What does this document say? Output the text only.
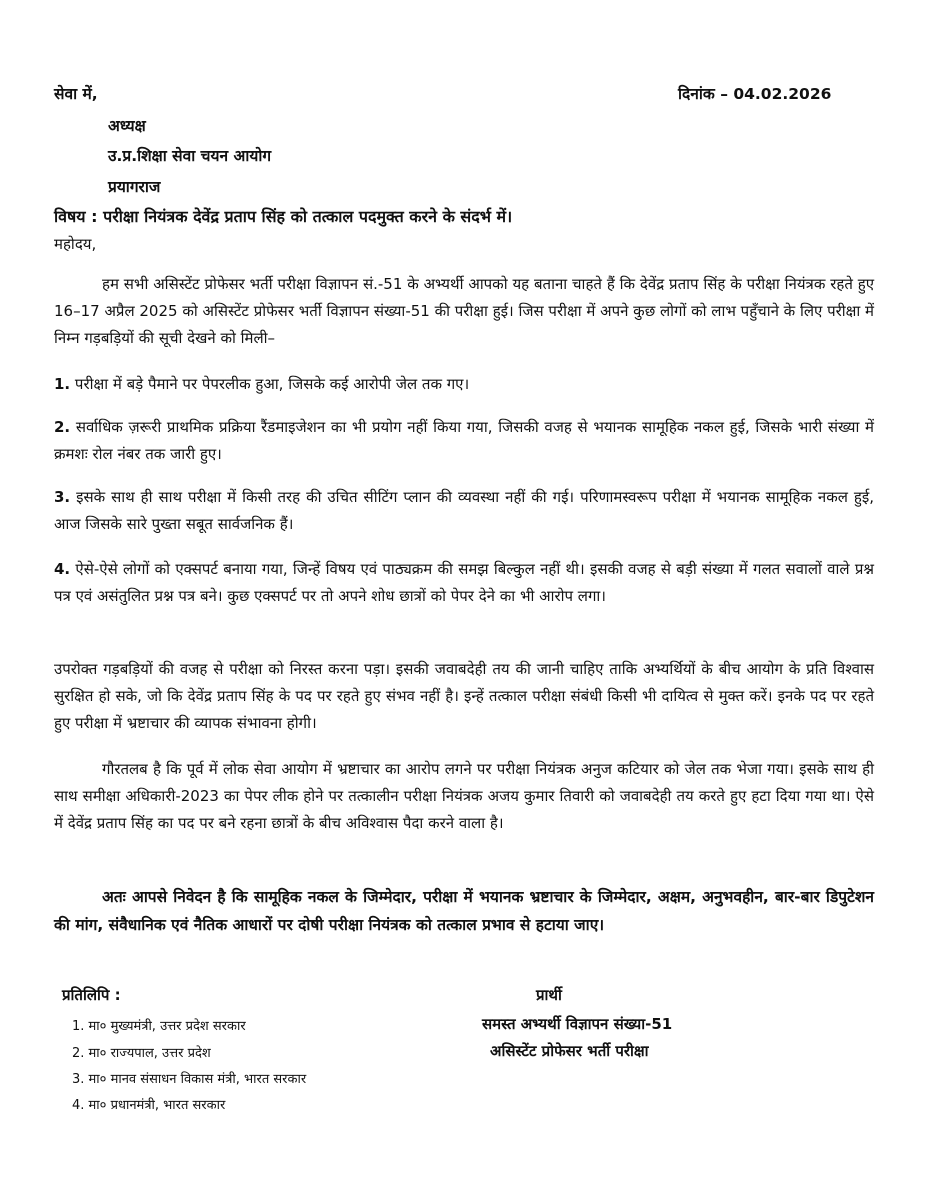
सेवा में,	दिनांक – 04.02.2026
अध्यक्ष
उ.प्र.शिक्षा सेवा चयन आयोग
प्रयागराज
विषय : परीक्षा नियंत्रक देवेंद्र प्रताप सिंह को तत्काल पदमुक्त करने के संदर्भ में।
महोदय,

हम सभी असिस्टेंट प्रोफेसर भर्ती परीक्षा विज्ञापन सं.-51 के अभ्यर्थी आपको यह बताना चाहते हैं कि देवेंद्र प्रताप सिंह के परीक्षा नियंत्रक रहते हुए 16–17 अप्रैल 2025 को असिस्टेंट प्रोफेसर भर्ती विज्ञापन संख्या-51 की परीक्षा हुई। जिस परीक्षा में अपने कुछ लोगों को लाभ पहुँचाने के लिए परीक्षा में निम्न गड़बड़ियों की सूची देखने को मिली–

1. परीक्षा में बड़े पैमाने पर पेपरलीक हुआ, जिसके कई आरोपी जेल तक गए।

2. सर्वाधिक ज़रूरी प्राथमिक प्रक्रिया रैंडमाइजेशन का भी प्रयोग नहीं किया गया, जिसकी वजह से भयानक सामूहिक नकल हुई, जिसके भारी संख्या में क्रमशः रोल नंबर तक जारी हुए।

3. इसके साथ ही साथ परीक्षा में किसी तरह की उचित सीटिंग प्लान की व्यवस्था नहीं की गई। परिणामस्वरूप परीक्षा में भयानक सामूहिक नकल हुई, आज जिसके सारे पुख्ता सबूत सार्वजनिक हैं।

4. ऐसे-ऐसे लोगों को एक्सपर्ट बनाया गया, जिन्हें विषय एवं पाठ्यक्रम की समझ बिल्कुल नहीं थी। इसकी वजह से बड़ी संख्या में गलत सवालों वाले प्रश्न पत्र एवं असंतुलित प्रश्न पत्र बने। कुछ एक्सपर्ट पर तो अपने शोध छात्रों को पेपर देने का भी आरोप लगा।

उपरोक्त गड़बड़ियों की वजह से परीक्षा को निरस्त करना पड़ा। इसकी जवाबदेही तय की जानी चाहिए ताकि अभ्यर्थियों के बीच आयोग के प्रति विश्वास सुरक्षित हो सके, जो कि देवेंद्र प्रताप सिंह के पद पर रहते हुए संभव नहीं है। इन्हें तत्काल परीक्षा संबंधी किसी भी दायित्व से मुक्त करें। इनके पद पर रहते हुए परीक्षा में भ्रष्टाचार की व्यापक संभावना होगी।

गौरतलब है कि पूर्व में लोक सेवा आयोग में भ्रष्टाचार का आरोप लगने पर परीक्षा नियंत्रक अनुज कटियार को जेल तक भेजा गया। इसके साथ ही साथ समीक्षा अधिकारी-2023 का पेपर लीक होने पर तत्कालीन परीक्षा नियंत्रक अजय कुमार तिवारी को जवाबदेही तय करते हुए हटा दिया गया था। ऐसे में देवेंद्र प्रताप सिंह का पद पर बने रहना छात्रों के बीच अविश्वास पैदा करने वाला है।

अतः आपसे निवेदन है कि सामूहिक नकल के जिम्मेदार, परीक्षा में भयानक भ्रष्टाचार के जिम्मेदार, अक्षम, अनुभवहीन, बार-बार डिपुटेशन की मांग, संवैधानिक एवं नैतिक आधारों पर दोषी परीक्षा नियंत्रक को तत्काल प्रभाव से हटाया जाए।

प्रतिलिपि :
1. मा० मुख्यमंत्री, उत्तर प्रदेश सरकार
2. मा० राज्यपाल, उत्तर प्रदेश
3. मा० मानव संसाधन विकास मंत्री, भारत सरकार
4. मा० प्रधानमंत्री, भारत सरकार
प्रार्थी
समस्त अभ्यर्थी विज्ञापन संख्या-51
असिस्टेंट प्रोफेसर भर्ती परीक्षा
